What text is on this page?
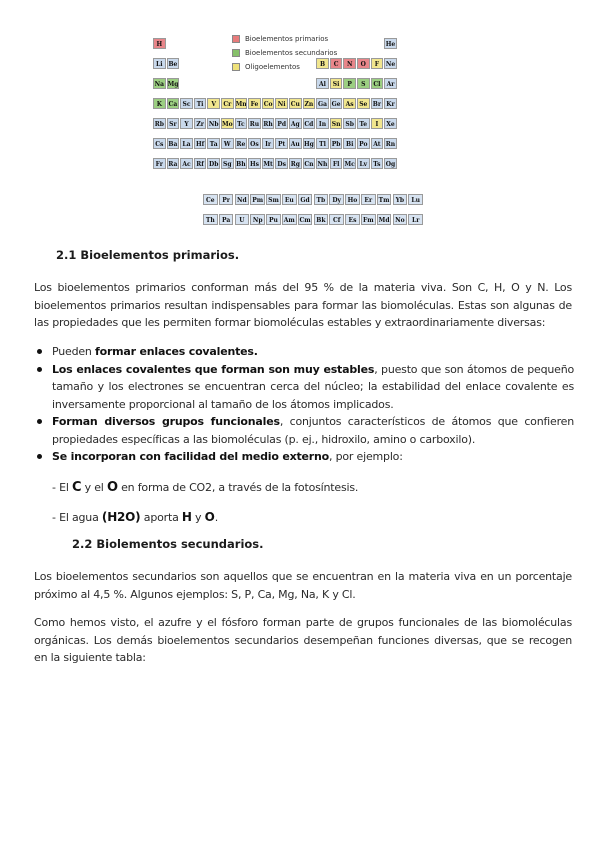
H	He
Li Be	B	C	N	O	F	Ne
Na Mg	Al	Si	P	S	Cl	Ar
K	Ca Sc	Ti	V	Cr Mn Fe Co Ni Cu Zn Ga Ge As Se Br Kr
Rb Sr	Y	Zr Nb Mo Tc Ru Rh Pd Ag Cd In Sn Sb Te	I	Xe
Cs Ba La Hf Ta	W Re Os	Ir	Pt Au Hg Tl Pb Bi Po At Rn
Fr Ra Ac Rf Db Sg Bh Hs Mt Ds Rg Cn Nh Fl Mc Lv	Ts Og
Bioelementos primarios
Bioelementos secundarios
Oligoelementos
Ce	Pr	Nd Pm Sm	Eu	Gd	Tb	Dy	Ho	Er	Tm	Yb	Lu
Th	Pa	U	Np	Pu Am Cm Bk	Cf	Es	Fm Md No	Lr
2.1 Bioelementos primarios.
Los bioelementos primarios conforman más del 95 % de la materia viva. Son C, H, O y N. Los bioelementos primarios resultan indispensables para formar las biomoléculas. Estas son algunas de las propiedades que les permiten formar biomoléculas estables y extraordinariamente diversas:
Pueden formar enlaces covalentes.
Los enlaces covalentes que forman son muy estables, puesto que son átomos de pequeño tamaño y los electrones se encuentran cerca del núcleo; la estabilidad del enlace covalente es inversamente proporcional al tamaño de los átomos implicados.
Forman diversos grupos funcionales, conjuntos característicos de átomos que confieren propiedades específicas a las biomoléculas (p. ej., hidroxilo, amino o carboxilo).
Se incorporan con facilidad del medio externo, por ejemplo:
- El C y el O en forma de CO2, a través de la fotosíntesis.
- El agua (H2O) aporta H y O.
2.2 Biolementos secundarios.
Los bioelementos secundarios son aquellos que se encuentran en la materia viva en un porcentaje próximo al 4,5 %. Algunos ejemplos: S, P, Ca, Mg, Na, K y Cl.
Como hemos visto, el azufre y el fósforo forman parte de grupos funcionales de las biomoléculas orgánicas. Los demás bioelementos secundarios desempeñan funciones diversas, que se recogen en la siguiente tabla:
